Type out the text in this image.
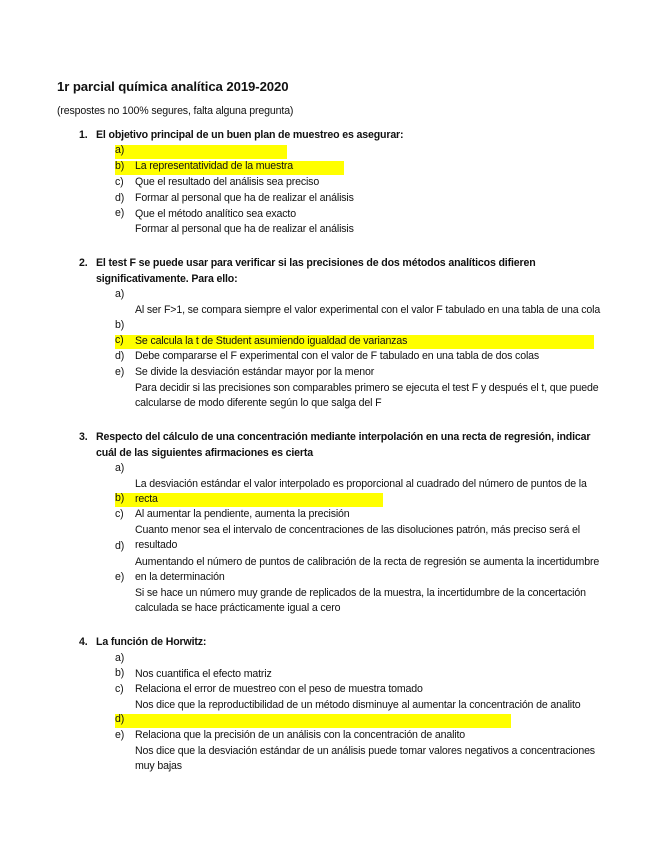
1r parcial química analítica 2019-2020
(respostes no 100% segures, falta alguna pregunta)
1. El objetivo principal de un buen plan de muestreo es asegurar:
a)
La representatividad de la muestra
b)
Que el resultado del análisis sea preciso
c)
Formar al personal que ha de realizar el análisis
d)
Que el método analítico sea exacto
e)
Formar al personal que ha de realizar el análisis
2. El test F se puede usar para verificar si las precisiones de dos métodos analíticos difieren significativamente. Para ello:
a)
Al ser F>1, se compara siempre el valor experimental con el valor F tabulado en una tabla de una cola
b)
Se calcula la t de Student asumiendo igualdad de varianzas
c)
Debe compararse el F experimental con el valor de F tabulado en una tabla de dos colas
d)
Se divide la desviación estándar mayor por la menor
e)
Para decidir si las precisiones son comparables primero se ejecuta el test F y después el t, que puede calcularse de modo diferente según lo que salga del F
3. Respecto del cálculo de una concentración mediante interpolación en una recta de regresión, indicar cuál de las siguientes afirmaciones es cierta
a)
La desviación estándar el valor interpolado es proporcional al cuadrado del número de puntos de la recta
b)
Al aumentar la pendiente, aumenta la precisión
c)
Cuanto menor sea el intervalo de concentraciones de las disoluciones patrón, más preciso será el resultado
d)
Aumentando el número de puntos de calibración de la recta de regresión se aumenta la incertidumbre en la determinación
e)
Si se hace un número muy grande de replicados de la muestra, la incertidumbre de la concertación calculada se hace prácticamente igual a cero
4. La función de Horwitz:
a)
Nos cuantifica el efecto matriz
b)
Relaciona el error de muestreo con el peso de muestra tomado
c)
Nos dice que la reproductibilidad de un método disminuye al aumentar la concentración de analito
d)
Relaciona que la precisión de un análisis con la concentración de analito
e)
Nos dice que la desviación estándar de un análisis puede tomar valores negativos a concentraciones muy bajas
